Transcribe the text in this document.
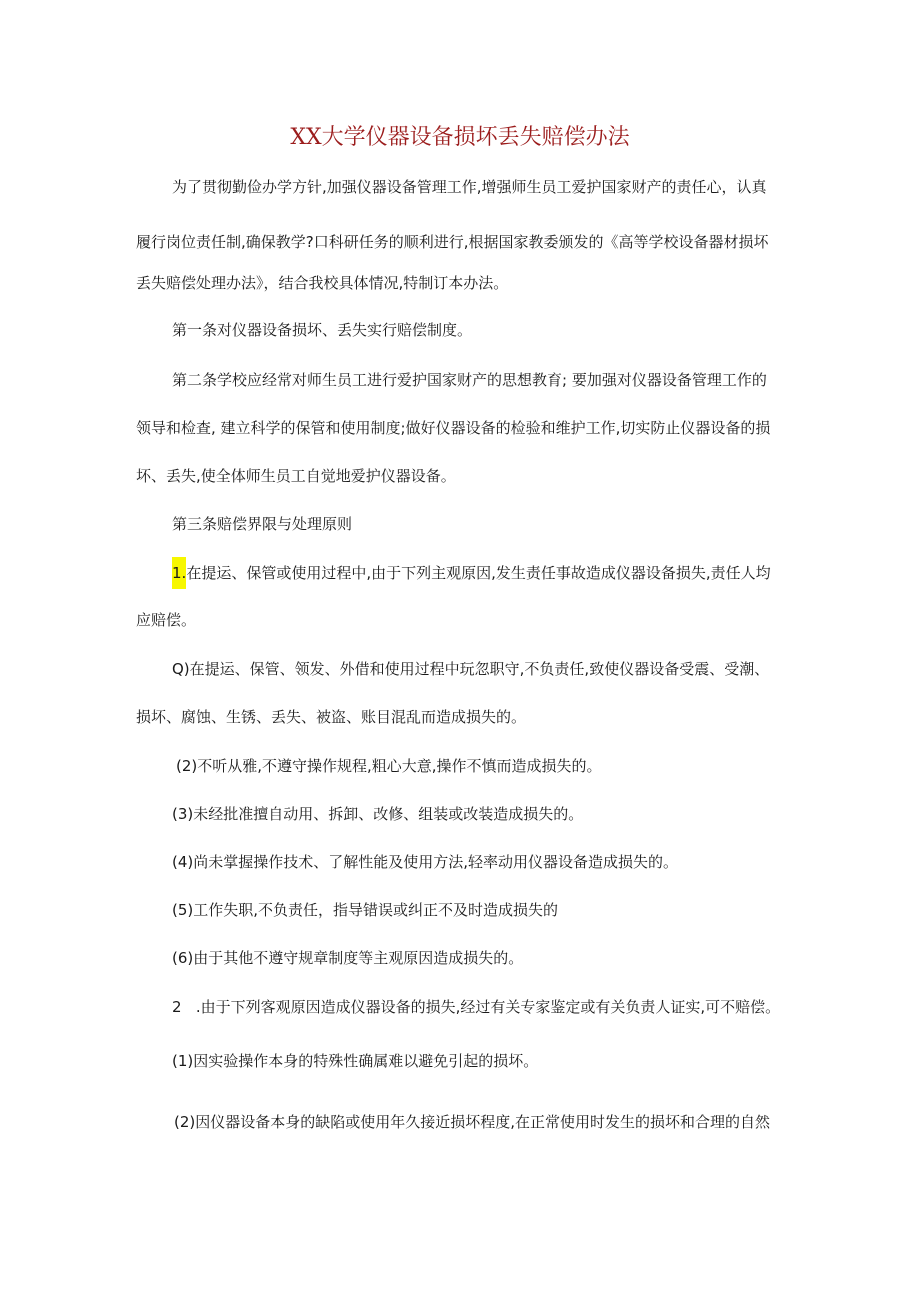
XX大学仪器设备损坏丢失赔偿办法
为了贯彻勤俭办学方针,加强仪器设备管理工作,增强师生员工爱护国家财产的责任心，认真
履行岗位责任制,确保教学?口科研任务的顺利进行,根据国家教委颁发的《高等学校设备器材损坏
丢失赔偿处理办法》，结合我校具体情况,特制订本办法。
第一条对仪器设备损坏、丢失实行赔偿制度。
第二条学校应经常对师生员工进行爱护国家财产的思想教育; 要加强对仪器设备管理工作的
领导和检查, 建立科学的保管和使用制度;做好仪器设备的检验和维护工作,切实防止仪器设备的损
坏、丢失,使全体师生员工自觉地爱护仪器设备。
第三条赔偿界限与处理原则
1.在提运、保管或使用过程中,由于下列主观原因,发生责任事故造成仪器设备损失,责任人均
应赔偿。
Q)在提运、保管、领发、外借和使用过程中玩忽职守,不负责任,致使仪器设备受震、受潮、
损坏、腐蚀、生锈、丢失、被盗、账目混乱而造成损失的。
(2)不听从雅,不遵守操作规程,粗心大意,操作不慎而造成损失的。
(3)未经批准擅自动用、拆卸、改修、组装或改装造成损失的。
(4)尚未掌握操作技术、了解性能及使用方法,轻率动用仪器设备造成损失的。
(5)工作失职,不负责任，指导错误或纠正不及时造成损失的
(6)由于其他不遵守规章制度等主观原因造成损失的。
2   .由于下列客观原因造成仪器设备的损失,经过有关专家鉴定或有关负责人证实,可不赔偿。
(1)因实验操作本身的特殊性确属难以避免引起的损坏。
(2)因仪器设备本身的缺陷或使用年久接近损坏程度,在正常使用时发生的损坏和合理的自然
